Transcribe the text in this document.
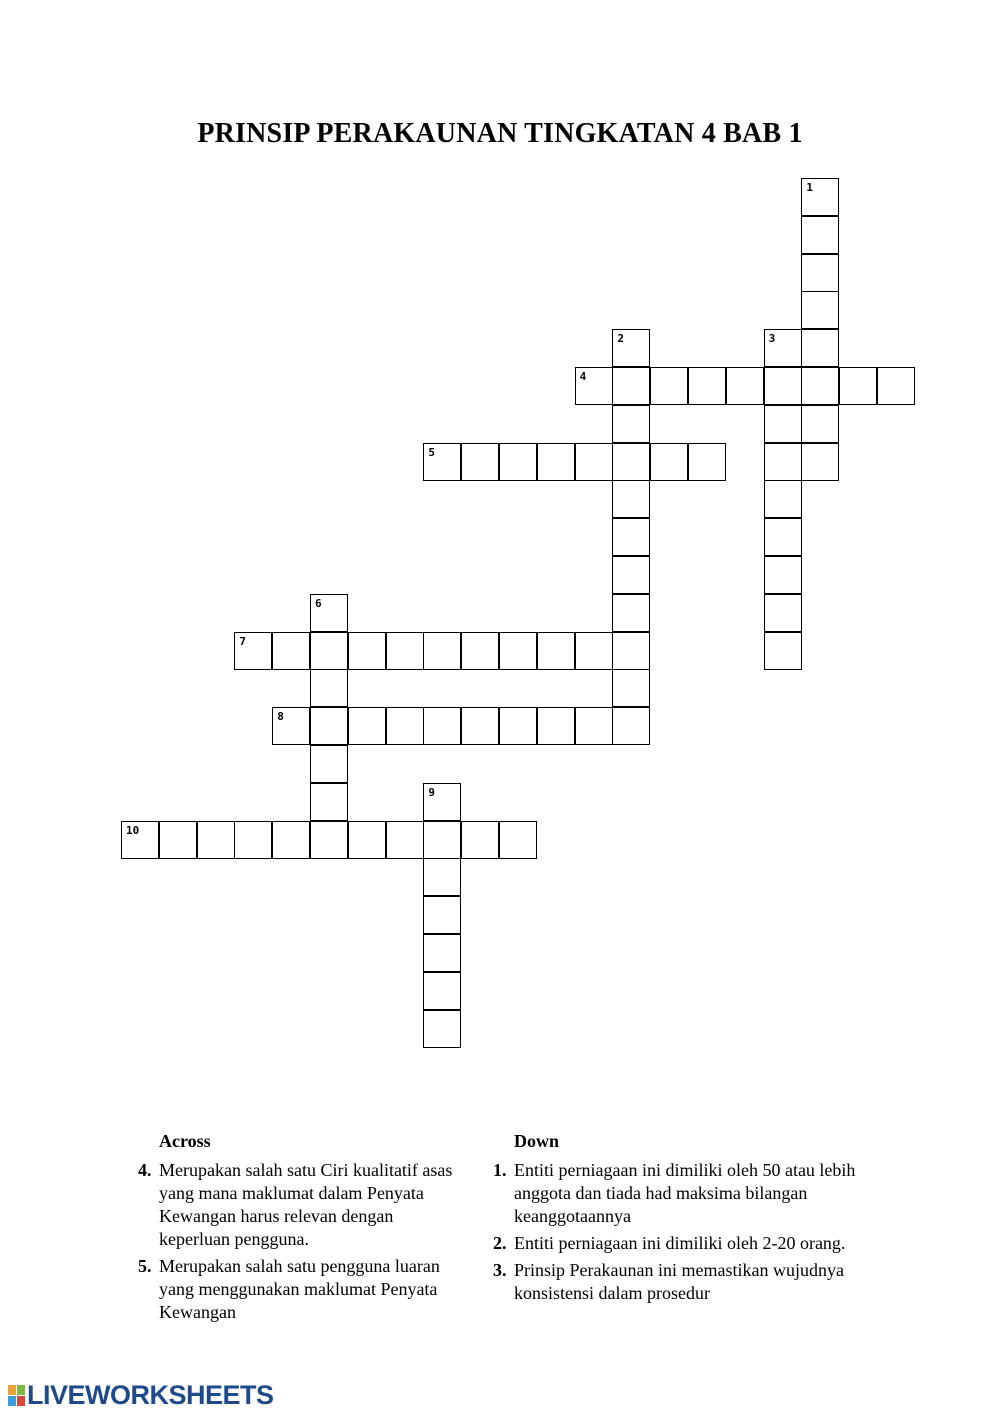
PRINSIP PERAKAUNAN TINGKATAN 4 BAB 1
1
2	3
4
5
6
7
8
9
10
Across
4. Merupakan salah satu Ciri kualitatif asas yang mana maklumat dalam Penyata Kewangan harus relevan dengan keperluan pengguna.
5. Merupakan salah satu pengguna luaran yang menggunakan maklumat Penyata Kewangan
Down
1. Entiti perniagaan ini dimiliki oleh 50 atau lebih anggota dan tiada had maksima bilangan keanggotaannya
2. Entiti perniagaan ini dimiliki oleh 2-20 orang.
3. Prinsip Perakaunan ini memastikan wujudnya konsistensi dalam prosedur
LIVEWORKSHEETS
